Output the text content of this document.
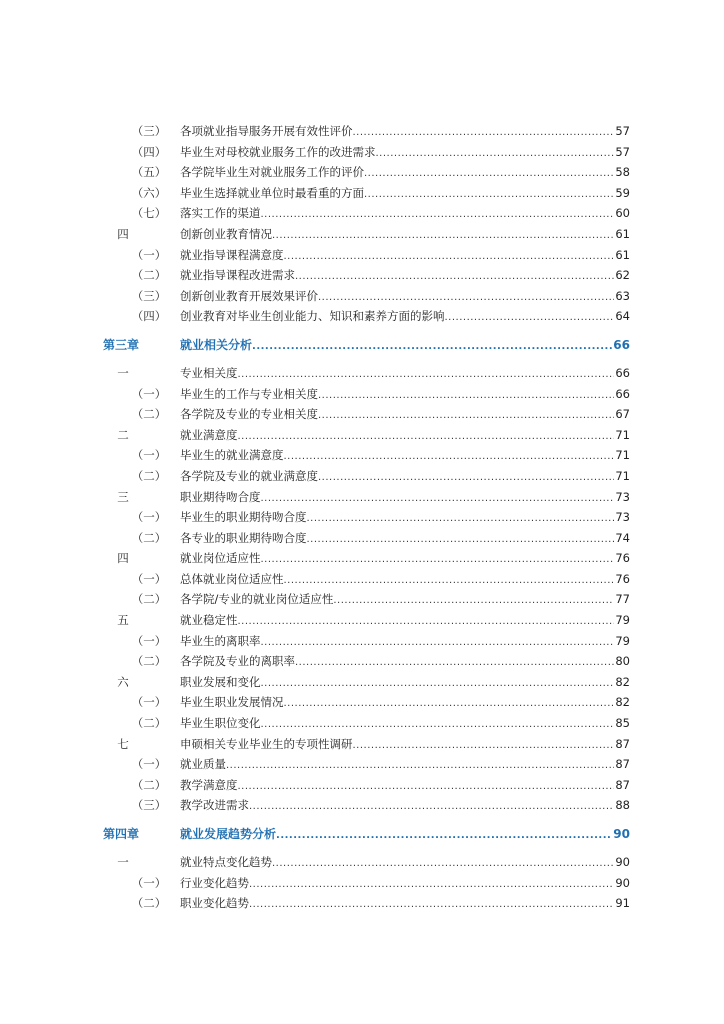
（三） 各项就业指导服务开展有效性评价 .....	57
（四） 毕业生对母校就业服务工作的改进需求 .....	57
（五） 各学院毕业生对就业服务工作的评价 .....	58
（六） 毕业生选择就业单位时最看重的方面 .....	59
（七） 落实工作的渠道 .....	60
四	创新创业教育情况 .....	61
（一） 就业指导课程满意度 .....	61
（二） 就业指导课程改进需求 .....	62
（三） 创新创业教育开展效果评价 .....	63
（四） 创业教育对毕业生创业能力、知识和素养方面的影响 .....	64
第三章	就业相关分析 .....	66
一	专业相关度 .....	66
（一） 毕业生的工作与专业相关度 .....	66
（二） 各学院及专业的专业相关度 .....	67
二	就业满意度 .....	71
（一） 毕业生的就业满意度 .....	71
（二） 各学院及专业的就业满意度 .....	71
三	职业期待吻合度 .....	73
（一） 毕业生的职业期待吻合度 .....	73
（二） 各专业的职业期待吻合度 .....	74
四	就业岗位适应性 .....	76
（一） 总体就业岗位适应性 .....	76
（二） 各学院/专业的就业岗位适应性 .....	77
五	就业稳定性 .....	79
（一） 毕业生的离职率 .....	79
（二） 各学院及专业的离职率 .....	80
六	职业发展和变化 .....	82
（一） 毕业生职业发展情况 .....	82
（二） 毕业生职位变化 .....	85
七	申硕相关专业毕业生的专项性调研 .....	87
（一） 就业质量 .....	87
（二） 教学满意度 .....	87
（三） 教学改进需求 .....	88
第四章	就业发展趋势分析 .....	90
一	就业特点变化趋势 .....	90
（一） 行业变化趋势 .....	90
（二） 职业变化趋势 .....	91
